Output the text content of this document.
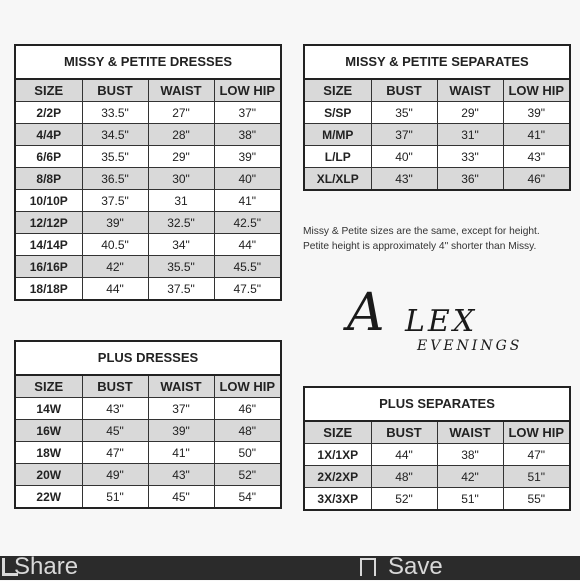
MISSY & PETITE DRESSES
SIZE	BUST	WAIST	LOW HIP
2/2P	33.5"	27"	37"
4/4P	34.5"	28"	38"
6/6P	35.5"	29"	39"
8/8P	36.5"	30"	40"
10/10P	37.5"	31	41"
12/12P	39"	32.5"	42.5"
14/14P	40.5"	34"	44"
16/16P	42"	35.5"	45.5"
18/18P	44"	37.5"	47.5"
MISSY & PETITE SEPARATES
SIZE	BUST	WAIST	LOW HIP
S/SP	35"	29"	39"
M/MP	37"	31"	41"
L/LP	40"	33"	43"
XL/XLP	43"	36"	46"
Missy & Petite sizes are the same, except for height.
Petite height is approximately 4" shorter than Missy.
A LEX
EVENINGS
PLUS DRESSES
SIZE	BUST	WAIST	LOW HIP
14W	43"	37"	46"
16W	45"	39"	48"
18W	47"	41"	50"
20W	49"	43"	52"
22W	51"	45"	54"
PLUS SEPARATES
SIZE	BUST	WAIST	LOW HIP
1X/1XP	44"	38"	47"
2X/2XP	48"	42"	51"
3X/3XP	52"	51"	55"
Share	Save
